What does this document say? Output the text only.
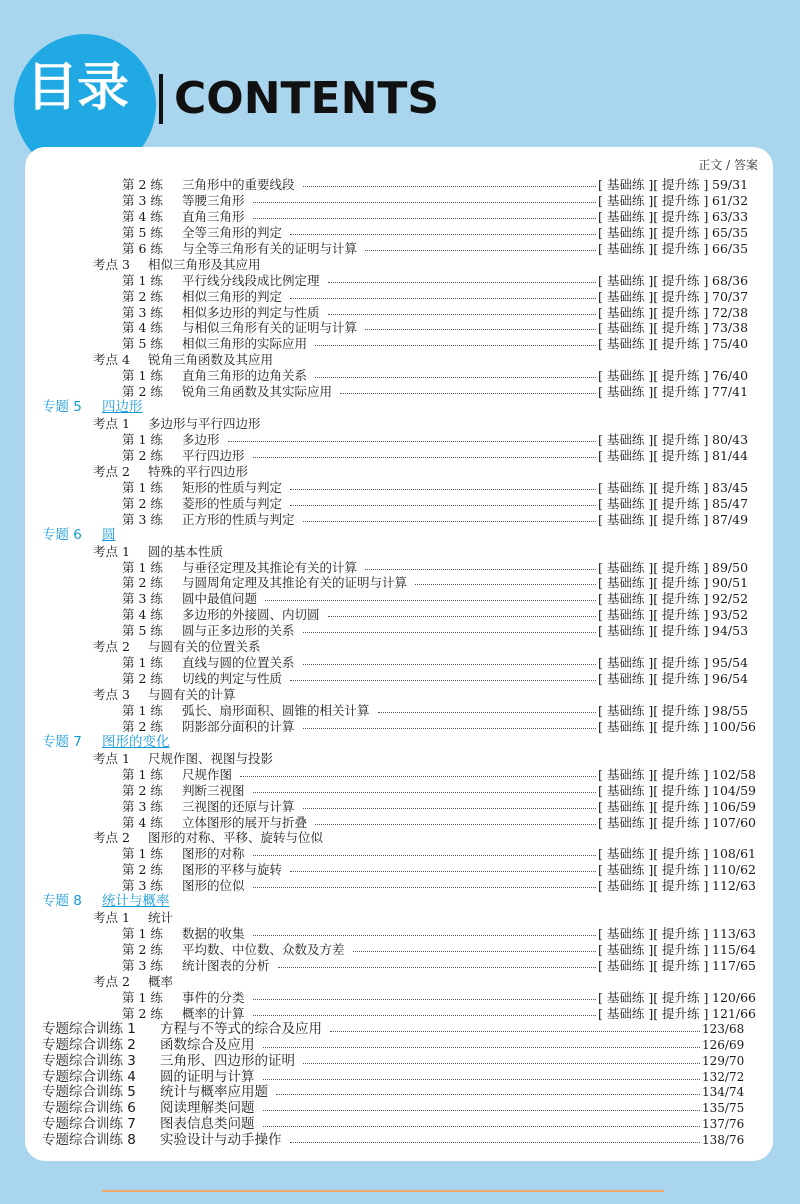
目录 CONTENTS
正文 / 答案
第 2 练 三角形中的重要线段	[ 基础练 ][ 提升练 ] 59/31
第 3 练 等腰三角形	[ 基础练 ][ 提升练 ] 61/32
第 4 练 直角三角形	[ 基础练 ][ 提升练 ] 63/33
第 5 练 全等三角形的判定	[ 基础练 ][ 提升练 ] 65/35
第 6 练 与全等三角形有关的证明与计算	[ 基础练 ][ 提升练 ] 66/35
考点 3 相似三角形及其应用
第 1 练 平行线分线段成比例定理	[ 基础练 ][ 提升练 ] 68/36
第 2 练 相似三角形的判定	[ 基础练 ][ 提升练 ] 70/37
第 3 练 相似多边形的判定与性质	[ 基础练 ][ 提升练 ] 72/38
第 4 练 与相似三角形有关的证明与计算	[ 基础练 ][ 提升练 ] 73/38
第 5 练 相似三角形的实际应用	[ 基础练 ][ 提升练 ] 75/40
考点 4 锐角三角函数及其应用
第 1 练 直角三角形的边角关系	[ 基础练 ][ 提升练 ] 76/40
第 2 练 锐角三角函数及其实际应用	[ 基础练 ][ 提升练 ] 77/41
专题 5 四边形
考点 1 多边形与平行四边形
第 1 练 多边形	[ 基础练 ][ 提升练 ] 80/43
第 2 练 平行四边形	[ 基础练 ][ 提升练 ] 81/44
考点 2 特殊的平行四边形
第 1 练 矩形的性质与判定	[ 基础练 ][ 提升练 ] 83/45
第 2 练 菱形的性质与判定	[ 基础练 ][ 提升练 ] 85/47
第 3 练 正方形的性质与判定	[ 基础练 ][ 提升练 ] 87/49
专题 6 圆
考点 1 圆的基本性质
第 1 练 与垂径定理及其推论有关的计算	[ 基础练 ][ 提升练 ] 89/50
第 2 练 与圆周角定理及其推论有关的证明与计算	[ 基础练 ][ 提升练 ] 90/51
第 3 练 圆中最值问题	[ 基础练 ][ 提升练 ] 92/52
第 4 练 多边形的外接圆、内切圆	[ 基础练 ][ 提升练 ] 93/52
第 5 练 圆与正多边形的关系	[ 基础练 ][ 提升练 ] 94/53
考点 2 与圆有关的位置关系
第 1 练 直线与圆的位置关系	[ 基础练 ][ 提升练 ] 95/54
第 2 练 切线的判定与性质	[ 基础练 ][ 提升练 ] 96/54
考点 3 与圆有关的计算
第 1 练 弧长、扇形面积、圆锥的相关计算	[ 基础练 ][ 提升练 ] 98/55
第 2 练 阴影部分面积的计算	[ 基础练 ][ 提升练 ] 100/56
专题 7 图形的变化
考点 1 尺规作图、视图与投影
第 1 练 尺规作图	[ 基础练 ][ 提升练 ] 102/58
第 2 练 判断三视图	[ 基础练 ][ 提升练 ] 104/59
第 3 练 三视图的还原与计算	[ 基础练 ][ 提升练 ] 106/59
第 4 练 立体图形的展开与折叠	[ 基础练 ][ 提升练 ] 107/60
考点 2 图形的对称、平移、旋转与位似
第 1 练 图形的对称	[ 基础练 ][ 提升练 ] 108/61
第 2 练 图形的平移与旋转	[ 基础练 ][ 提升练 ] 110/62
第 3 练 图形的位似	[ 基础练 ][ 提升练 ] 112/63
专题 8 统计与概率
考点 1 统计
第 1 练 数据的收集	[ 基础练 ][ 提升练 ] 113/63
第 2 练 平均数、中位数、众数及方差	[ 基础练 ][ 提升练 ] 115/64
第 3 练 统计图表的分析	[ 基础练 ][ 提升练 ] 117/65
考点 2 概率
第 1 练 事件的分类	[ 基础练 ][ 提升练 ] 120/66
第 2 练 概率的计算	[ 基础练 ][ 提升练 ] 121/66
专题综合训练 1 方程与不等式的综合及应用	123/68
专题综合训练 2 函数综合及应用	126/69
专题综合训练 3 三角形、四边形的证明	129/70
专题综合训练 4 圆的证明与计算	132/72
专题综合训练 5 统计与概率应用题	134/74
专题综合训练 6 阅读理解类问题	135/75
专题综合训练 7 图表信息类问题	137/76
专题综合训练 8 实验设计与动手操作	138/76
